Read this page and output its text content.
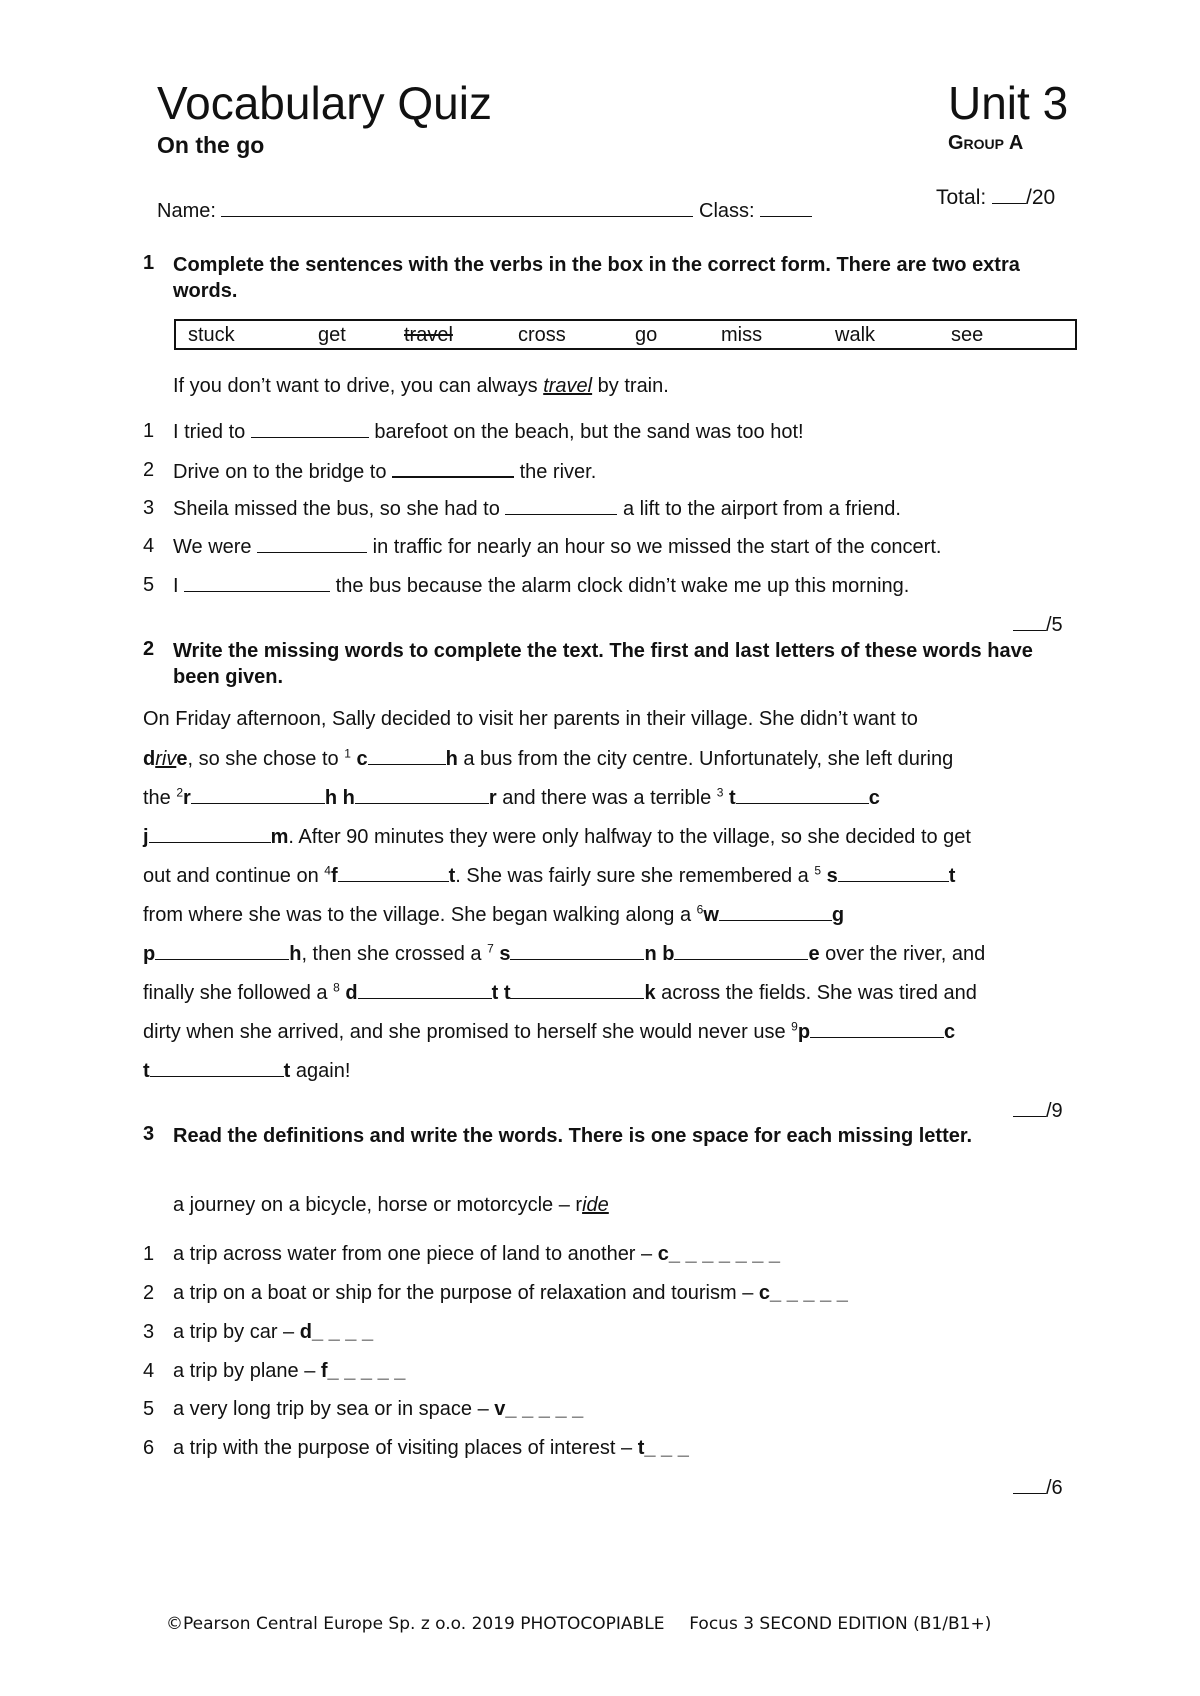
Vocabulary Quiz
On the go
Unit 3
Group A
Name:	Class:
Total: /20
1 Complete the sentences with the verbs in the box in the correct form. There are two extra words.
stuck	get	travel	cross	go	miss	walk	see
If you don’t want to drive, you can always travel by train.
1 I tried to	barefoot on the beach, but the sand was too hot!
2 Drive on to the bridge to	the river.
3 Sheila missed the bus, so she had to	a lift to the airport from a friend.
4 We were	in traffic for nearly an hour so we missed the start of the concert.
5 I	the bus because the alarm clock didn’t wake me up this morning.
/5
2 Write the missing words to complete the text. The first and last letters of these words have been given.
On Friday afternoon, Sally decided to visit her parents in their village. She didn’t want to
drive, so she chose to $^1$ c	h a bus from the city centre. Unfortunately, she left during
the $^2$r	h h	r and there was a terrible $^3$ t	c
j	m. After 90 minutes they were only halfway to the village, so she decided to get
out and continue on $^4$f	t. She was fairly sure she remembered a $^5$ s	t
from where she was to the village. She began walking along a $^6$w	g
p	h, then she crossed a $^7$ s	n b	e over the river, and
finally she followed a $^8$ d	t t	k across the fields. She was tired and
dirty when she arrived, and she promised to herself she would never use $^9$p	c
t	t again!
/9
3 Read the definitions and write the words. There is one space for each missing letter.
a journey on a bicycle, horse or motorcycle – ride
1 a trip across water from one piece of land to another – c_ _ _ _ _ _ _
2 a trip on a boat or ship for the purpose of relaxation and tourism – c_ _ _ _ _
3 a trip by car – d_ _ _ _
4 a trip by plane – f_ _ _ _ _
5 a very long trip by sea or in space – v_ _ _ _ _
6 a trip with the purpose of visiting places of interest – t_ _ _
/6
©Pearson Central Europe Sp. z o.o. 2019 PHOTOCOPIABLE Focus 3 SECOND EDITION (B1/B1+)
